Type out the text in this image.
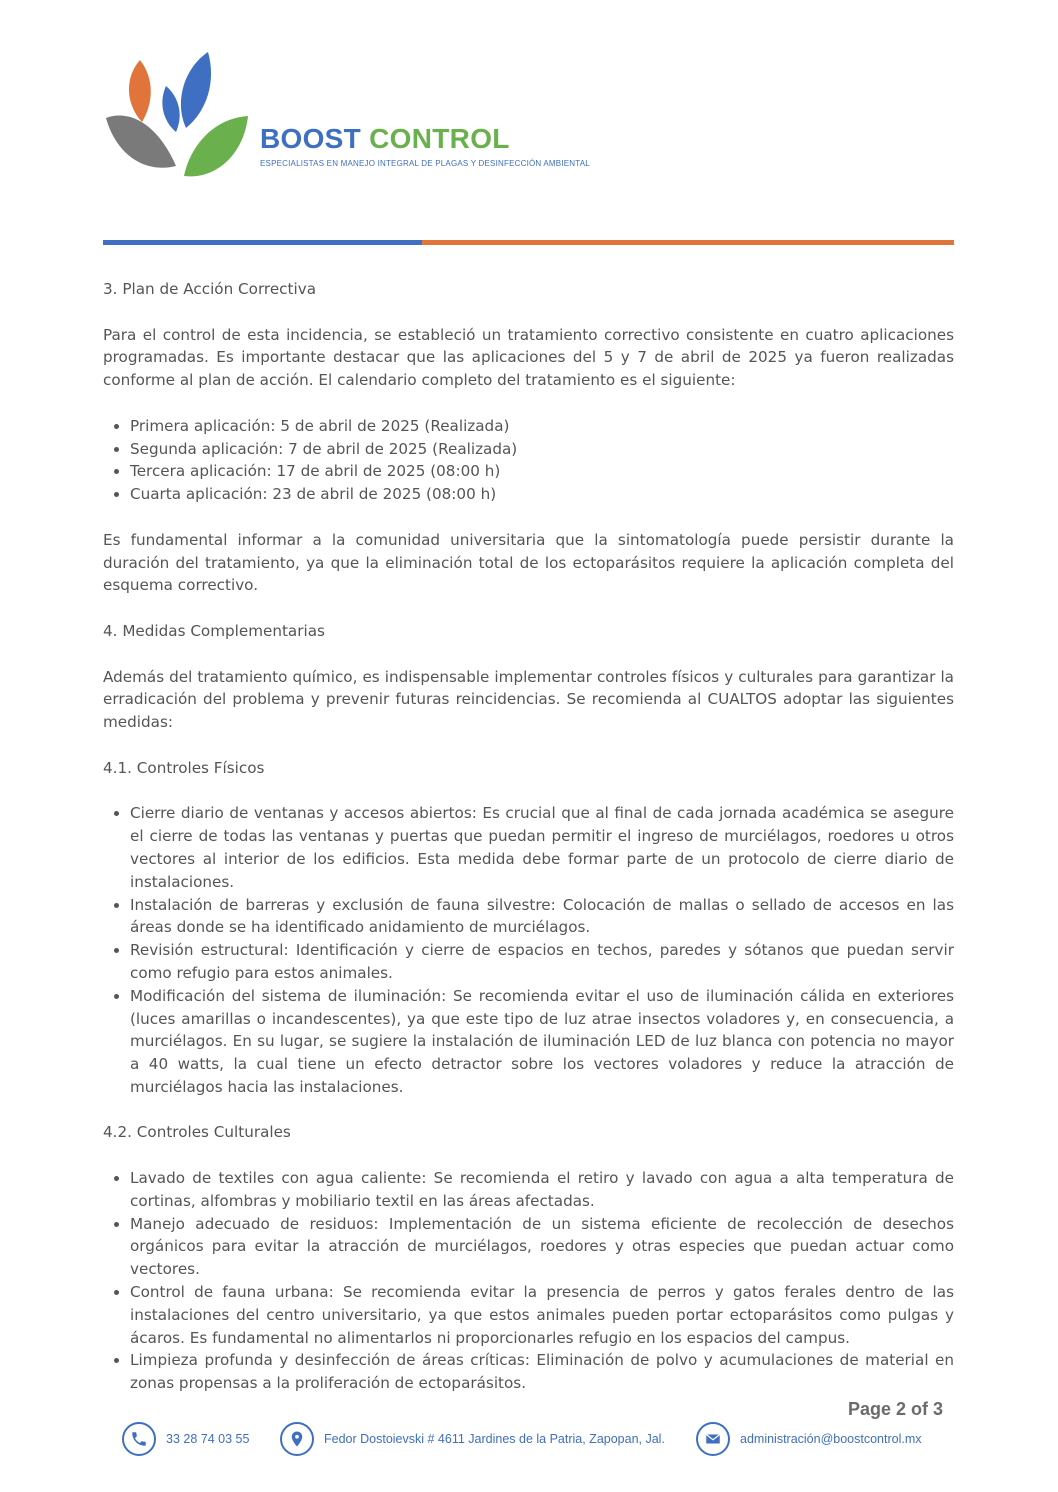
BOOST CONTROL
ESPECIALISTAS EN MANEJO INTEGRAL DE PLAGAS Y DESINFECCIÓN AMBIENTAL
3. Plan de Acción Correctiva

Para el control de esta incidencia, se estableció un tratamiento correctivo consistente en cuatro aplicaciones programadas. Es importante destacar que las aplicaciones del 5 y 7 de abril de 2025 ya fueron realizadas conforme al plan de acción. El calendario completo del tratamiento es el siguiente:

• Primera aplicación: 5 de abril de 2025 (Realizada)
• Segunda aplicación: 7 de abril de 2025 (Realizada)
• Tercera aplicación: 17 de abril de 2025 (08:00 h)
• Cuarta aplicación: 23 de abril de 2025 (08:00 h)

Es fundamental informar a la comunidad universitaria que la sintomatología puede persistir durante la duración del tratamiento, ya que la eliminación total de los ectoparásitos requiere la aplicación completa del esquema correctivo.

4. Medidas Complementarias

Además del tratamiento químico, es indispensable implementar controles físicos y culturales para garantizar la erradicación del problema y prevenir futuras reincidencias. Se recomienda al CUALTOS adoptar las siguientes medidas:

4.1. Controles Físicos
• Cierre diario de ventanas y accesos abiertos: Es crucial que al final de cada jornada académica se asegure el cierre de todas las ventanas y puertas que puedan permitir el ingreso de murciélagos, roedores u otros vectores al interior de los edificios. Esta medida debe formar parte de un protocolo de cierre diario de instalaciones.
• Instalación de barreras y exclusión de fauna silvestre: Colocación de mallas o sellado de accesos en las áreas donde se ha identificado anidamiento de murciélagos.
• Revisión estructural: Identificación y cierre de espacios en techos, paredes y sótanos que puedan servir como refugio para estos animales.
• Modificación del sistema de iluminación: Se recomienda evitar el uso de iluminación cálida en exteriores (luces amarillas o incandescentes), ya que este tipo de luz atrae insectos voladores y, en consecuencia, a murciélagos. En su lugar, se sugiere la instalación de iluminación LED de luz blanca con potencia no mayor a 40 watts, la cual tiene un efecto detractor sobre los vectores voladores y reduce la atracción de murciélagos hacia las instalaciones.
4.2. Controles Culturales
• Lavado de textiles con agua caliente: Se recomienda el retiro y lavado con agua a alta temperatura de cortinas, alfombras y mobiliario textil en las áreas afectadas.
• Manejo adecuado de residuos: Implementación de un sistema eficiente de recolección de desechos orgánicos para evitar la atracción de murciélagos, roedores y otras especies que puedan actuar como vectores.
• Control de fauna urbana: Se recomienda evitar la presencia de perros y gatos ferales dentro de las instalaciones del centro universitario, ya que estos animales pueden portar ectoparásitos como pulgas y ácaros. Es fundamental no alimentarlos ni proporcionarles refugio en los espacios del campus.
• Limpieza profunda y desinfección de áreas críticas: Eliminación de polvo y acumulaciones de material en zonas propensas a la proliferación de ectoparásitos.
Page 2 of 3
33 28 74 03 55	Fedor Dostoievski # 4611 Jardines de la Patria, Zapopan, Jal.	administración@boostcontrol.mx
